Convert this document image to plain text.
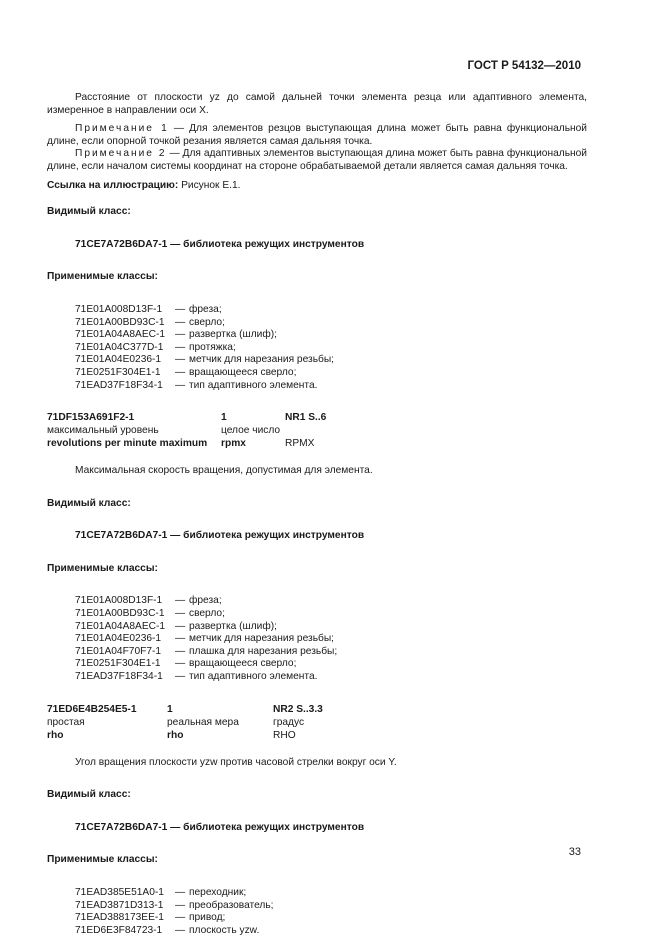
ГОСТ Р 54132—2010

Расстояние от плоскости yz до самой дальней точки элемента резца или адаптивного элемента, измеренное в направлении оси X.

Примечание 1 — Для элементов резцов выступающая длина может быть равна функциональной длине, если опорной точкой резания является самая дальняя точка.

Примечание 2 — Для адаптивных элементов выступающая длина может быть равна функциональной длине, если началом системы координат на стороне обрабатываемой детали является самая дальняя точка.

Ссылка на иллюстрацию: Рисунок Е.1.

Видимый класс:

71CE7A72B6DA7-1 — библиотека режущих инструментов

Применимые классы:

71E01A008D13F-1	— фреза;
71E01A00BD93C-1	— сверло;
71E01A04A8AEC-1 — развертка (шлиф);
71E01A04C377D-1	— протяжка;
71E01A04E0236-1	— метчик для нарезания резьбы;
71E0251F304E1-1	— вращающееся сверло;
71EAD37F18F34-1	— тип адаптивного элемента.
71DF153A691F2-1	1	NR1 S..6
максимальный уровень	целое число	
revolutions per minute maximum	rpmx	RPMX

Максимальная скорость вращения, допустимая для элемента.

Видимый класс:

71CE7A72B6DA7-1 — библиотека режущих инструментов

Применимые классы:

71E01A008D13F-1	— фреза;
71E01A00BD93C-1	— сверло;
71E01A04A8AEC-1 — развертка (шлиф);
71E01A04E0236-1	— метчик для нарезания резьбы;
71E01A04F70F7-1	— плашка для нарезания резьбы;
71E0251F304E1-1	— вращающееся сверло;
71EAD37F18F34-1	— тип адаптивного элемента.
71ED6E4B254E5-1	1	NR2 S..3.3
простая	реальная мера	градус
rho	rho	RHO

Угол вращения плоскости yzw против часовой стрелки вокруг оси Y.

Видимый класс:

71CE7A72B6DA7-1 — библиотека режущих инструментов

Применимые классы:

71EAD385E51A0-1	— переходник;
71EAD3871D313-1	— преобразователь;
71EAD388173EE-1	— привод;
71ED6E3F84723-1	— плоскость yzw.
33
